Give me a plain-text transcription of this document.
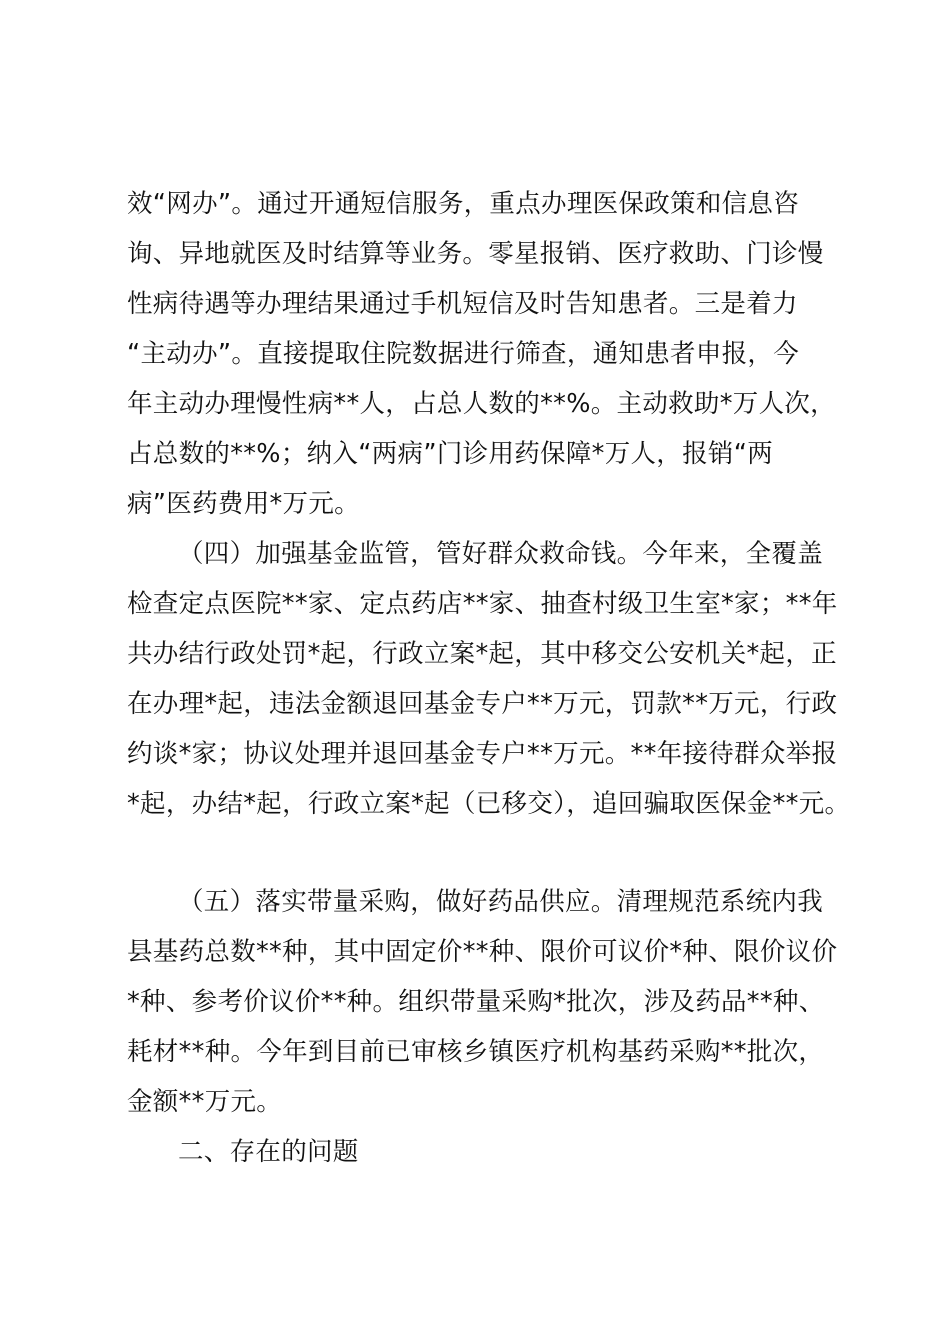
效“网办”。通过开通短信服务，重点办理医保政策和信息咨
询、异地就医及时结算等业务。零星报销、医疗救助、门诊慢
性病待遇等办理结果通过手机短信及时告知患者。三是着力
“主动办”。直接提取住院数据进行筛查，通知患者申报，今
年主动办理慢性病**人，占总人数的**%。主动救助*万人次，
占总数的**%；纳入“两病”门诊用药保障*万人，报销“两
病”医药费用*万元。
（四）加强基金监管，管好群众救命钱。今年来，全覆盖
检查定点医院**家、定点药店**家、抽查村级卫生室*家；**年
共办结行政处罚*起，行政立案*起，其中移交公安机关*起，正
在办理*起，违法金额退回基金专户**万元，罚款**万元，行政
约谈*家；协议处理并退回基金专户**万元。**年接待群众举报
*起，办结*起，行政立案*起（已移交），追回骗取医保金**元。
（五）落实带量采购，做好药品供应。清理规范系统内我
县基药总数**种，其中固定价**种、限价可议价*种、限价议价
*种、参考价议价**种。组织带量采购*批次，涉及药品**种、
耗材**种。今年到目前已审核乡镇医疗机构基药采购**批次，
金额**万元。
二、存在的问题
